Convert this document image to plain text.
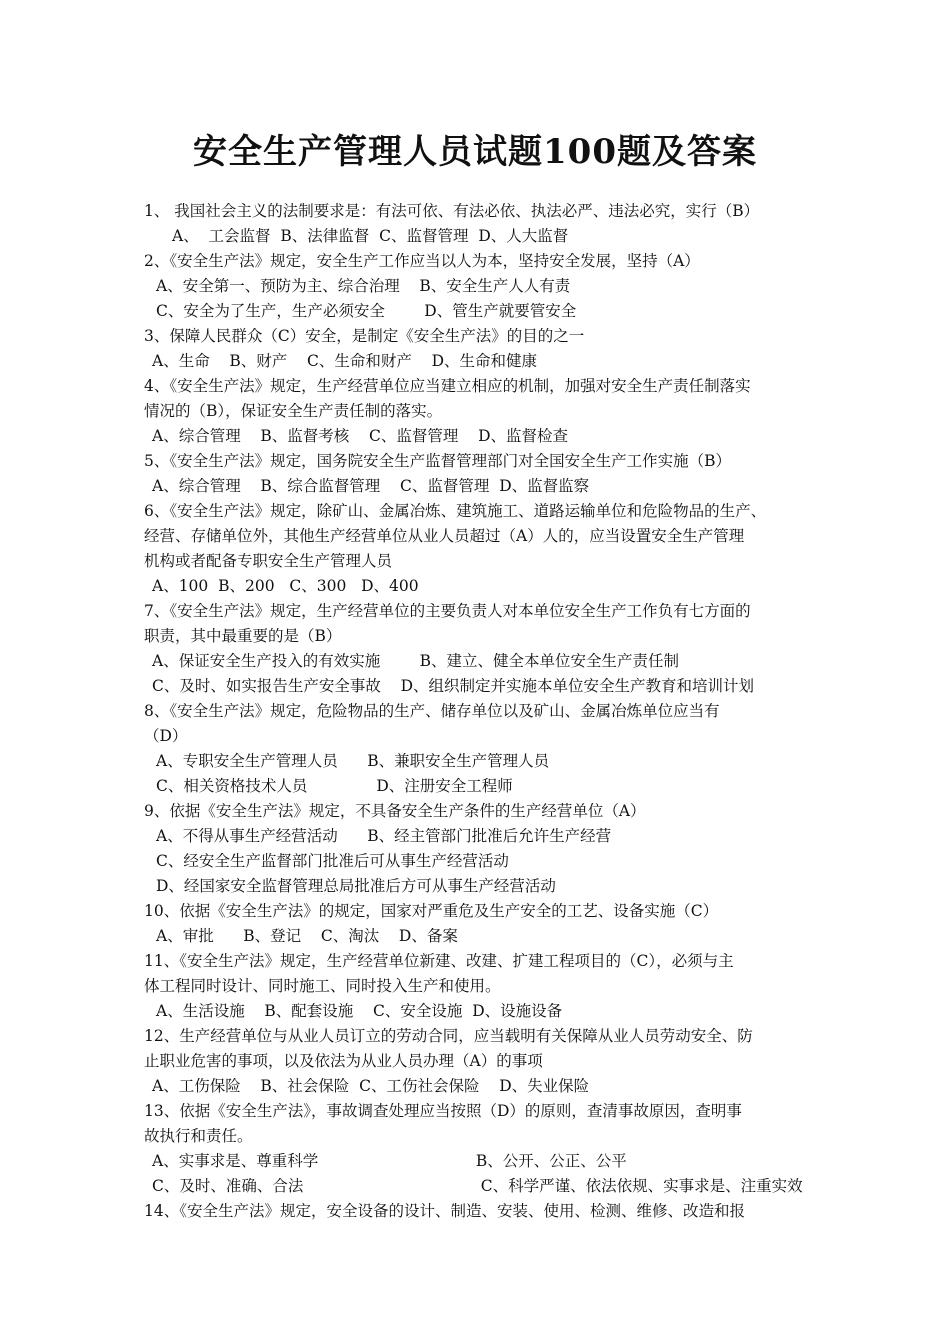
安全生产管理人员试题100题及答案
1、 我国社会主义的法制要求是：有法可依、有法必依、执法必严、违法必究，实行（B）
A、  工会监督  B、法律监督  C、监督管理  D、人大监督
2、《安全生产法》规定，安全生产工作应当以人为本，坚持安全发展，坚持（A）
A、安全第一、预防为主、综合治理    B、安全生产人人有责
C、安全为了生产，生产必须安全        D、管生产就要管安全
3、保障人民群众（C）安全，是制定《安全生产法》的目的之一
A、生命    B、财产    C、生命和财产    D、生命和健康
4、《安全生产法》规定，生产经营单位应当建立相应的机制，加强对安全生产责任制落实
情况的（B），保证安全生产责任制的落实。
A、综合管理    B、监督考核    C、监督管理    D、监督检查
5、《安全生产法》规定，国务院安全生产监督管理部门对全国安全生产工作实施（B）
A、综合管理    B、综合监督管理    C、监督管理  D、监督监察
6、《安全生产法》规定，除矿山、金属冶炼、建筑施工、道路运输单位和危险物品的生产、
经营、存储单位外，其他生产经营单位从业人员超过（A）人的，应当设置安全生产管理
机构或者配备专职安全生产管理人员
A、100  B、200   C、300   D、400
7、《安全生产法》规定，生产经营单位的主要负责人对本单位安全生产工作负有七方面的
职责，其中最重要的是（B）
A、保证安全生产投入的有效实施        B、建立、健全本单位安全生产责任制
C、及时、如实报告生产安全事故    D、组织制定并实施本单位安全生产教育和培训计划
8、《安全生产法》规定，危险物品的生产、储存单位以及矿山、金属冶炼单位应当有
（D）
A、专职安全生产管理人员      B、兼职安全生产管理人员
C、相关资格技术人员              D、注册安全工程师
9、依据《安全生产法》规定，不具备安全生产条件的生产经营单位（A）
A、不得从事生产经营活动      B、经主管部门批准后允许生产经营
C、经安全生产监督部门批准后可从事生产经营活动
D、经国家安全监督管理总局批准后方可从事生产经营活动
10、依据《安全生产法》的规定，国家对严重危及生产安全的工艺、设备实施（C）
A、审批      B、登记    C、淘汰    D、备案
11、《安全生产法》规定，生产经营单位新建、改建、扩建工程项目的（C），必须与主
体工程同时设计、同时施工、同时投入生产和使用。
A、生活设施    B、配套设施    C、安全设施  D、设施设备
12、生产经营单位与从业人员订立的劳动合同，应当载明有关保障从业人员劳动安全、防
止职业危害的事项，以及依法为从业人员办理（A）的事项
A、工伤保险    B、社会保险  C、工伤社会保险    D、失业保险
13、依据《安全生产法》，事故调查处理应当按照（D）的原则，查清事故原因，查明事
故执行和责任。
A、实事求是、尊重科学                                B、公开、公正、公平
C、及时、准确、合法                                    C、科学严谨、依法依规、实事求是、注重实效
14、《安全生产法》规定，安全设备的设计、制造、安装、使用、检测、维修、改造和报
